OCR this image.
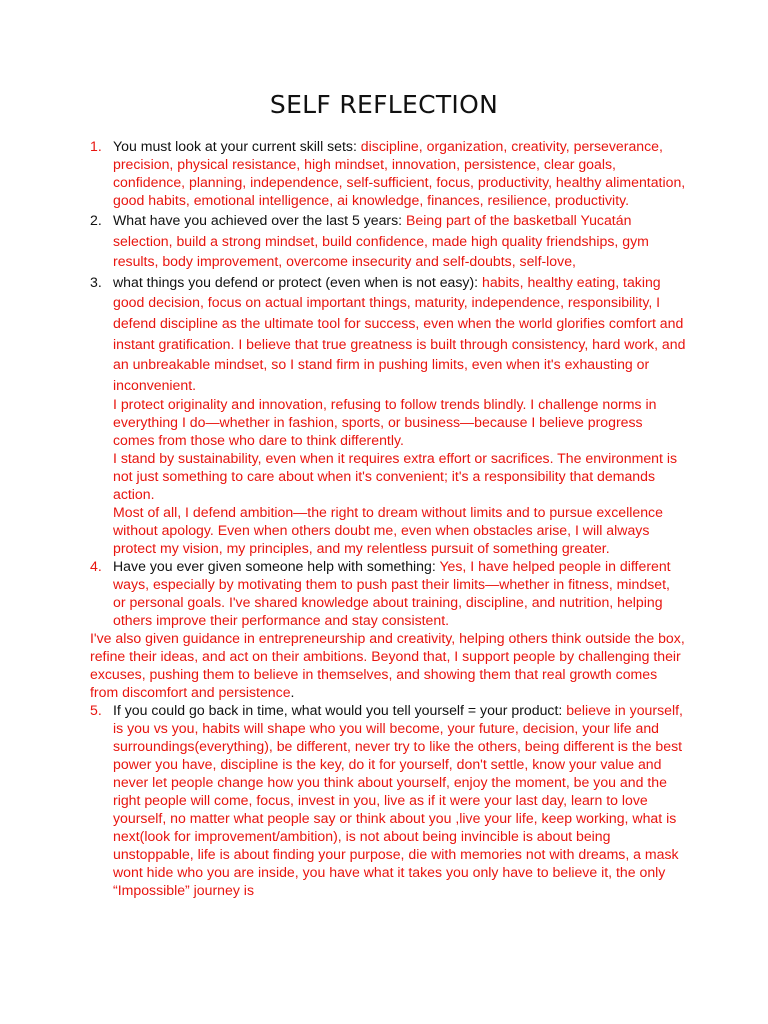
SELF REFLECTION
1. You must look at your current skill sets: discipline, organization, creativity, perseverance, precision, physical resistance, high mindset, innovation, persistence, clear goals, confidence, planning, independence, self-sufficient, focus, productivity, healthy alimentation, good habits, emotional intelligence, ai knowledge, finances, resilience, productivity.

2. What have you achieved over the last 5 years: Being part of the basketball Yucatán selection, build a strong mindset, build confidence, made high quality friendships, gym results, body improvement, overcome insecurity and self-doubts, self-love,

3. what things you defend or protect (even when is not easy): habits, healthy eating, taking good decision, focus on actual important things, maturity, independence, responsibility, I defend discipline as the ultimate tool for success, even when the world glorifies comfort and instant gratification. I believe that true greatness is built through consistency, hard work, and an unbreakable mindset, so I stand firm in pushing limits, even when it's exhausting or inconvenient.

I protect originality and innovation, refusing to follow trends blindly. I challenge norms in everything I do—whether in fashion, sports, or business—because I believe progress comes from those who dare to think differently.

I stand by sustainability, even when it requires extra effort or sacrifices. The environment is not just something to care about when it's convenient; it's a responsibility that demands action.

Most of all, I defend ambition—the right to dream without limits and to pursue excellence without apology. Even when others doubt me, even when obstacles arise, I will always protect my vision, my principles, and my relentless pursuit of something greater.

4. Have you ever given someone help with something: Yes, I have helped people in different ways, especially by motivating them to push past their limits—whether in fitness, mindset, or personal goals. I've shared knowledge about training, discipline, and nutrition, helping others improve their performance and stay consistent.

I've also given guidance in entrepreneurship and creativity, helping others think outside the box, refine their ideas, and act on their ambitions. Beyond that, I support people by challenging their excuses, pushing them to believe in themselves, and showing them that real growth comes from discomfort and persistence.

5. If you could go back in time, what would you tell yourself = your product: believe in yourself, is you vs you, habits will shape who you will become, your future, decision, your life and surroundings(everything), be different, never try to like the others, being different is the best power you have, discipline is the key, do it for yourself, don't settle, know your value and never let people change how you think about yourself, enjoy the moment, be you and the right people will come, focus, invest in you, live as if it were your last day, learn to love yourself, no matter what people say or think about you ,live your life, keep working, what is next(look for improvement/ambition), is not about being invincible is about being unstoppable, life is about finding your purpose, die with memories not with dreams, a mask wont hide who you are inside, you have what it takes you only have to believe it, the only “Impossible” journey is
